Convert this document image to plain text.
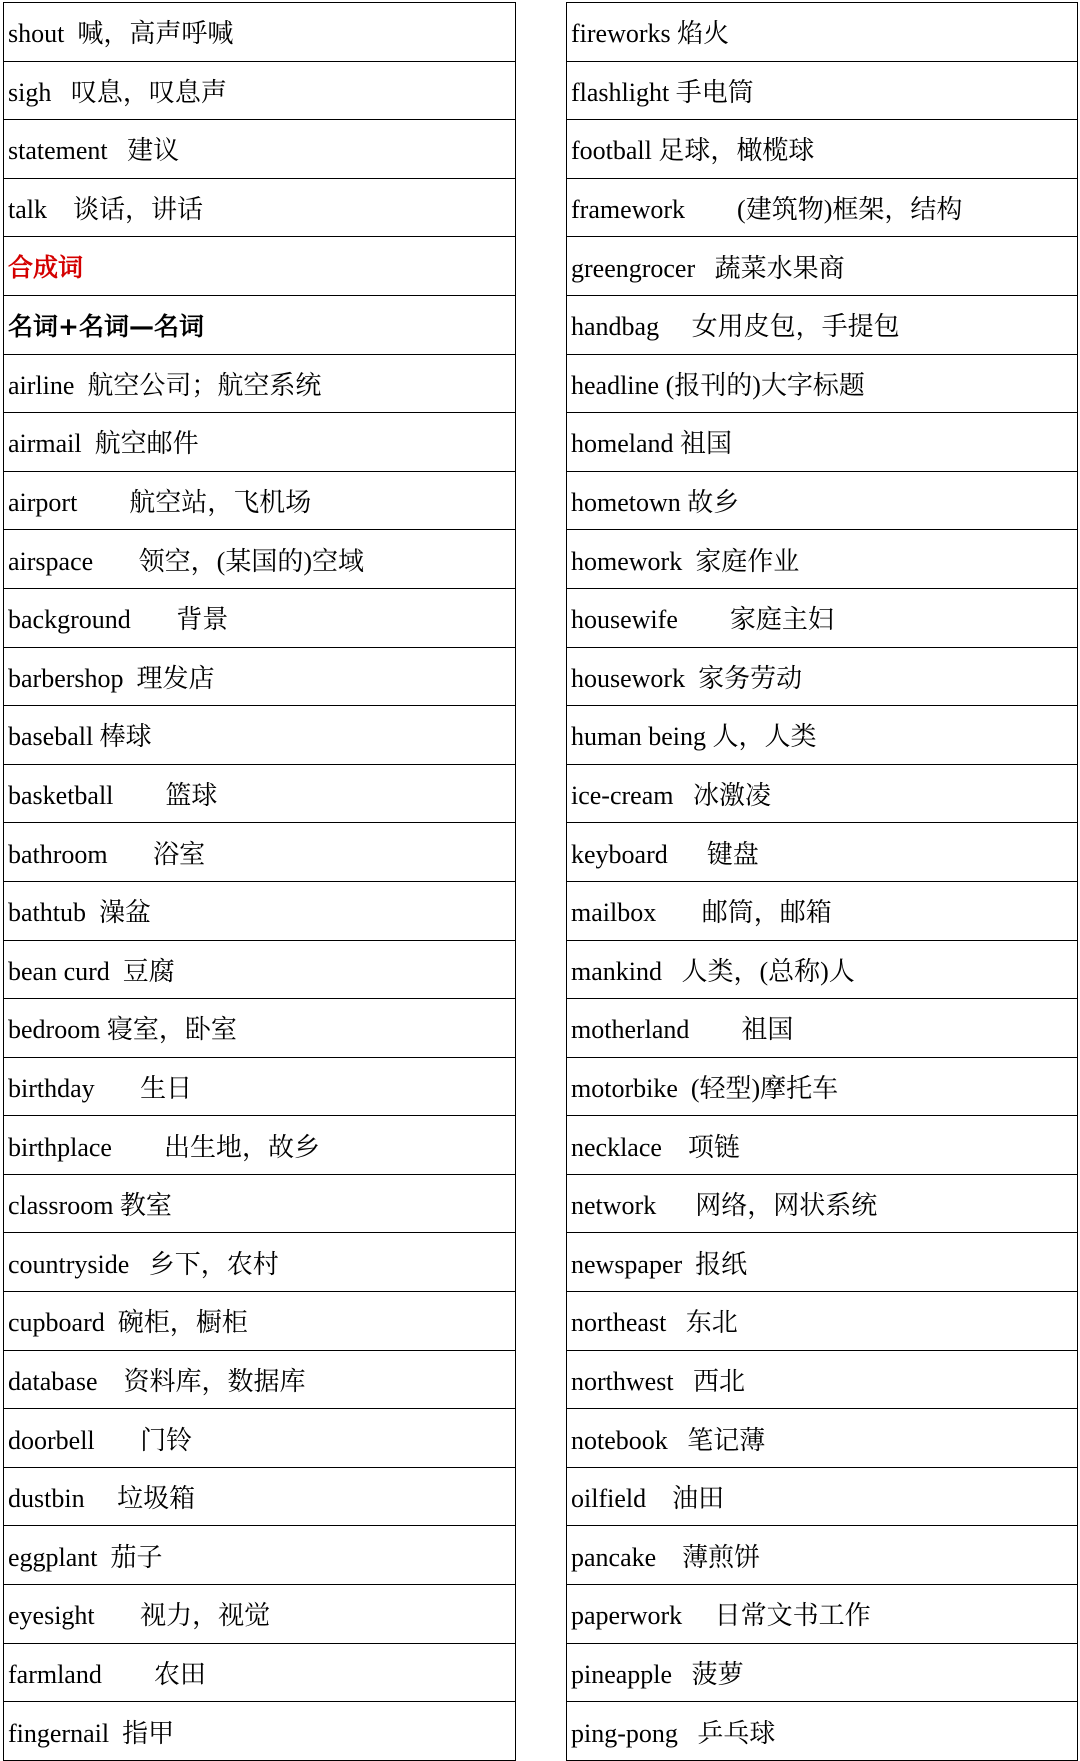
shout  喊，高声呼喊
sigh   叹息，叹息声
statement   建议
talk    谈话，讲话
合成词
名词+名词—名词
airline  航空公司；航空系统
airmail  航空邮件
airport        航空站，飞机场
airspace       领空，(某国的)空域
background       背景
barbershop  理发店
baseball 棒球
basketball        篮球
bathroom       浴室
bathtub  澡盆
bean curd  豆腐
bedroom 寝室，卧室
birthday       生日
birthplace        出生地，故乡
classroom 教室
countryside   乡下，农村
cupboard  碗柜，橱柜
database    资料库，数据库
doorbell       门铃
dustbin     垃圾箱
eggplant  茄子
eyesight       视力，视觉
farmland        农田
fingernail  指甲
fireworks 焰火
flashlight 手电筒
football 足球，橄榄球
framework        (建筑物)框架，结构
greengrocer   蔬菜水果商
handbag     女用皮包，手提包
headline (报刊的)大字标题
homeland 祖国
hometown 故乡
homework  家庭作业
housewife        家庭主妇
housework  家务劳动
human being 人，人类
ice-cream   冰激凌
keyboard      键盘
mailbox       邮筒，邮箱
mankind   人类，(总称)人
motherland        祖国
motorbike  (轻型)摩托车
necklace    项链
network      网络，网状系统
newspaper  报纸
northeast   东北
northwest   西北
notebook   笔记薄
oilfield    油田
pancake    薄煎饼
paperwork     日常文书工作
pineapple   菠萝
ping-pong   乒乓球
